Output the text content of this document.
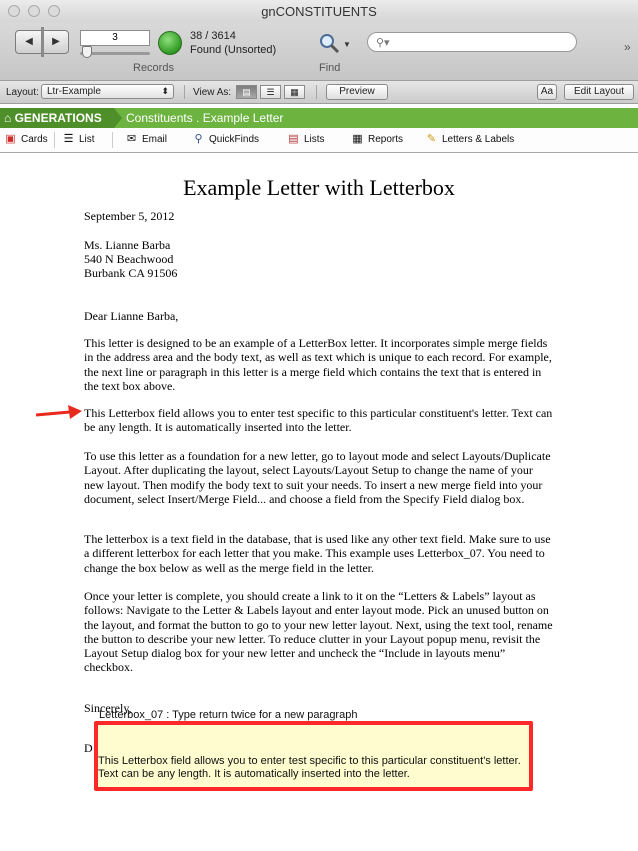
gnCONSTITUENTS
◀	▶	3	38 / 3614
Found (Unsorted)
Records
▼
Find
⚲▾	»
Layout: Ltr-Example	⬍ View As:	▤	☰	▦	Preview	Aa	Edit Layout
⌂ GENERATIONS	Constituents . Example Letter
▣ Cards ☰ List	✉ Email ⚲ QuickFinds	▤ Lists	▦ Reports ✎ Letters & Labels
Example Letter with Letterbox
September 5, 2012
Ms. Lianne Barba
540 N Beachwood
Burbank CA 91506
Dear Lianne Barba,
This letter is designed to be an example of a LetterBox letter. It incorporates simple merge fields in the address area and the body text, as well as text which is unique to each record. For example, the next line or paragraph in this letter is a merge field which contains the text that is entered in the text box above.
This Letterbox field allows you to enter test specific to this particular constituent's letter. Text can be any length. It is automatically inserted into the letter.
To use this letter as a foundation for a new letter, go to layout mode and select Layouts/Duplicate Layout. After duplicating the layout, select Layouts/Layout Setup to change the name of your new layout. Then modify the body text to suit your needs. To insert a new merge field into your document, select Insert/Merge Field... and choose a field from the Specify Field dialog box.
The letterbox is a text field in the database, that is used like any other text field. Make sure to use a different letterbox for each letter that you make. This example uses Letterbox_07. You need to change the box below as well as the merge field in the letter.
Once your letter is complete, you should create a link to it on the “Letters & Labels” layout as follows: Navigate to the Letter & Labels layout and enter layout mode. Pick an unused button on the layout, and format the button to go to your new letter layout. Next, using the text tool, rename the button to describe your new letter. To reduce clutter in your Layout popup menu, revisit the Layout Setup dialog box for your new letter and uncheck the “Include in layouts menu” checkbox.
Sincerely,
Letterbox_07 : Type return twice for a new paragraph
D
This Letterbox field allows you to enter test specific to this particular constituent's letter. Text can be any length. It is automatically inserted into the letter.
